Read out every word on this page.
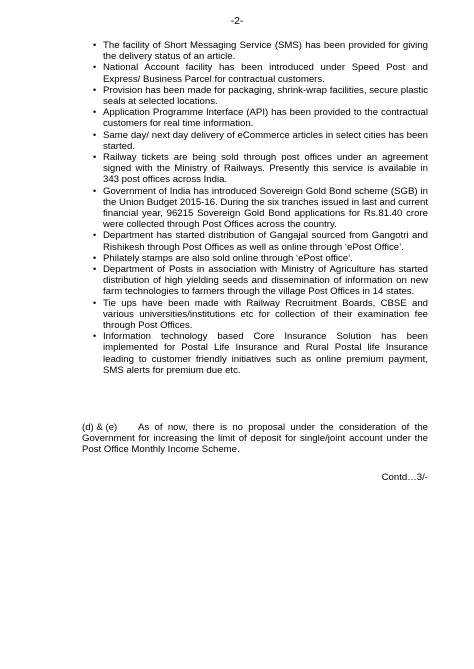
-2-
• The facility of Short Messaging Service (SMS) has been provided for giving the delivery status of an article.
• National Account facility has been introduced under Speed Post and Express/ Business Parcel for contractual customers.
• Provision has been made for packaging, shrink-wrap facilities, secure plastic seals at selected locations.
• Application Programme Interface (API) has been provided to the contractual customers for real time information.
• Same day/ next day delivery of eCommerce articles in select cities has been started.
• Railway tickets are being sold through post offices under an agreement signed with the Ministry of Railways. Presently this service is available in 343 post offices across India.
• Government of India has introduced Sovereign Gold Bond scheme (SGB) in the Union Budget 2015-16. During the six tranches issued in last and current financial year, 96215 Sovereign Gold Bond applications for Rs.81.40 crore were collected through Post Offices across the country.
• Department has started distribution of Gangajal sourced from Gangotri and Rishikesh through Post Offices as well as online through ‘ePost Office’.
• Philately stamps are also sold online through ‘ePost office’.
• Department of Posts in association with Ministry of Agriculture has started distribution of high yielding seeds and dissemination of information on new farm technologies to farmers through the village Post Offices in 14 states.
• Tie ups have been made with Railway Recruitment Boards, CBSE and various universities/institutions etc for collection of their examination fee through Post Offices.
• Information technology based Core Insurance Solution has been implemented for Postal Life Insurance and Rural Postal life Insurance leading to customer friendly initiatives such as online premium payment, SMS alerts for premium due etc.
(d) & (e) As of now, there is no proposal under the consideration of the Government for increasing the limit of deposit for single/joint account under the Post Office Monthly Income Scheme.
Contd…3/-
